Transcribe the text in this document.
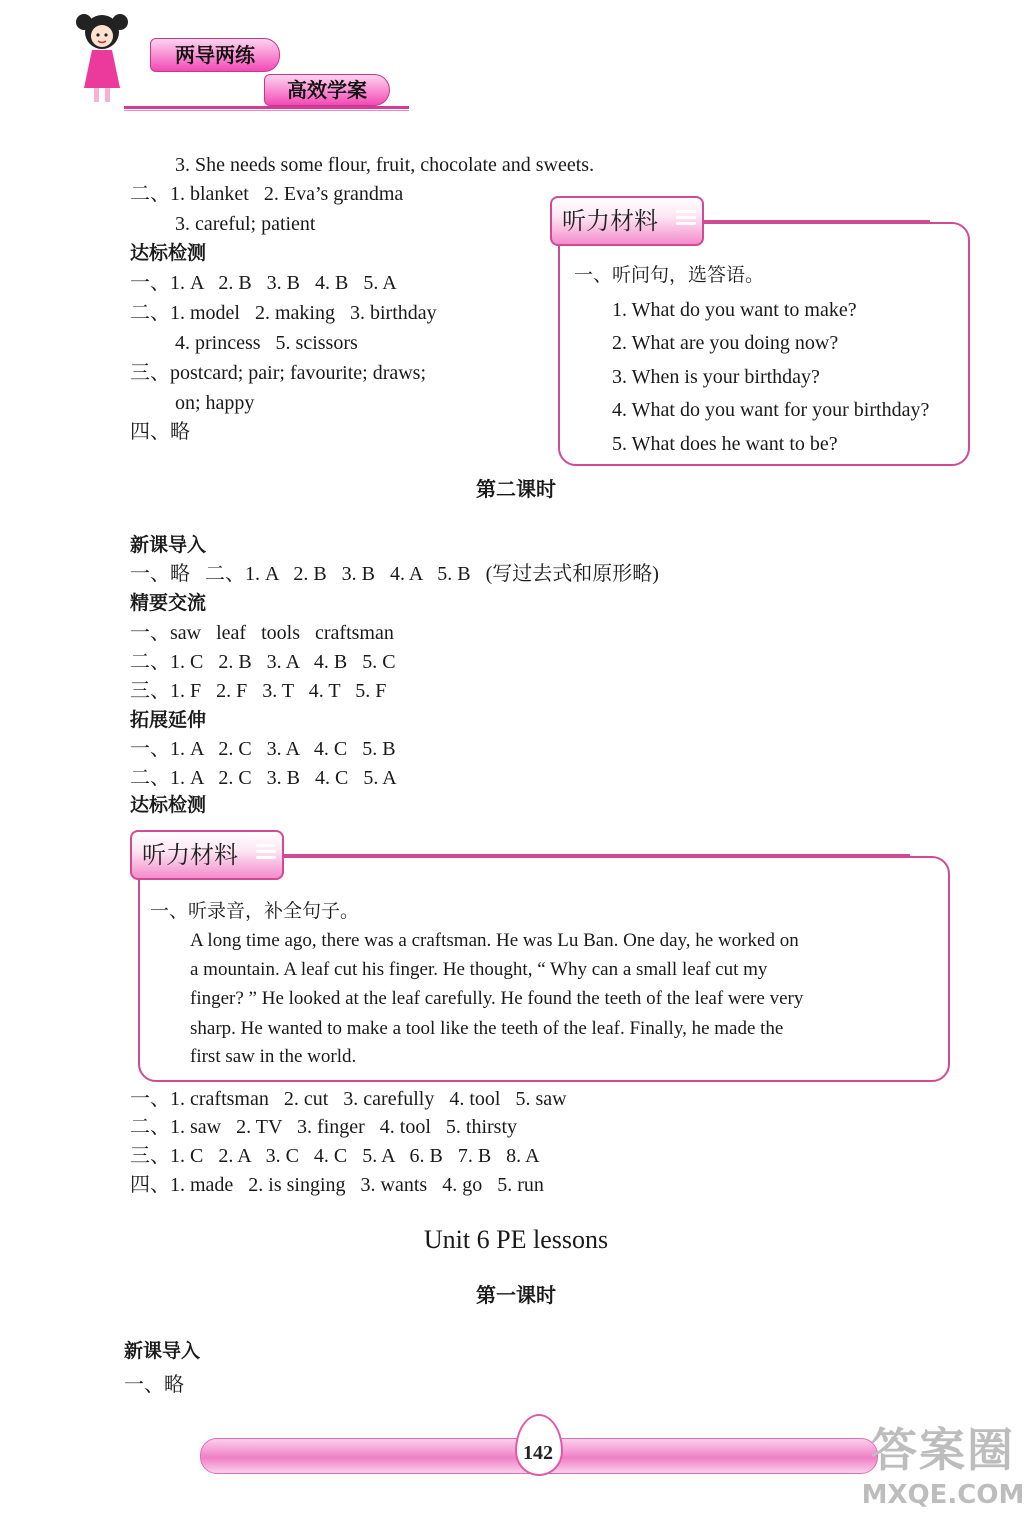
两导两练
高效学案
3. She needs some flour, fruit, chocolate and sweets.
二、1. blanket   2. Eva’s grandma
3. careful; patient
达标检测
一、1. A   2. B   3. B   4. B   5. A
二、1. model   2. making   3. birthday
4. princess   5. scissors
三、postcard; pair; favourite; draws;
on; happy
四、略
听力材料
一、听问句，选答语。
1. What do you want to make?
2. What are you doing now?
3. When is your birthday?
4. What do you want for your birthday?
5. What does he want to be?
第二课时
新课导入
一、略   二、1. A   2. B   3. B   4. A   5. B   (写过去式和原形略)
精要交流
一、saw leaf tools craftsman
二、1. C   2. B   3. A   4. B   5. C
三、1. F   2. F   3. T   4. T   5. F
拓展延伸
一、1. A   2. C   3. A   4. C   5. B
二、1. A   2. C   3. B   4. C   5. A
达标检测
听力材料
一、听录音，补全句子。
A long time ago, there was a craftsman. He was Lu Ban. One day, he worked on
a mountain. A leaf cut his finger. He thought, “ Why can a small leaf cut my
finger? ” He looked at the leaf carefully. He found the teeth of the leaf were very
sharp. He wanted to make a tool like the teeth of the leaf. Finally, he made the
first saw in the world.
一、1. craftsman   2. cut   3. carefully   4. tool   5. saw
二、1. saw   2. TV   3. finger   4. tool   5. thirsty
三、1. C   2. A   3. C   4. C   5. A   6. B   7. B   8. A
四、1. made   2. is singing   3. wants   4. go   5. run
Unit 6 PE lessons
第一课时
新课导入
一、略
142	答案圈
MXQE.COM
